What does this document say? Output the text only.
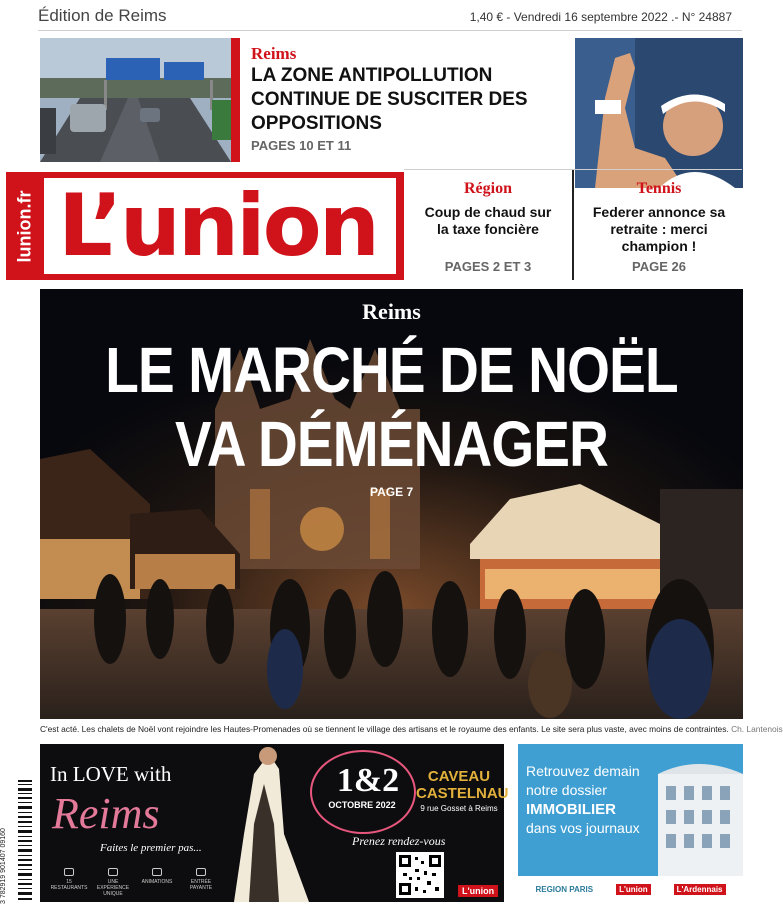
Édition de Reims	1,40 € - Vendredi 16 septembre 2022 .- N° 24887
Reims
LA ZONE ANTIPOLLUTION CONTINUE DE SUSCITER DES OPPOSITIONS
PAGES 10 ET 11
Région
Coup de chaud sur la taxe foncière
PAGES 2 ET 3
Tennis
Federer annonce sa retraite : merci champion !
PAGE 26
lunion.fr L’union
Reims
LE MARCHÉ DE NOËL
VA DÉMÉNAGER
PAGE 7
C'est acté. Les chalets de Noël vont rejoindre les Hautes-Promenades où se tiennent le village des artisans et le royaume des enfants. Le site sera plus vaste, avec moins de contraintes. Ch. Lantenois
3 782919 901407 09160
In LOVE with
Reims
Faites le premier pas...
15 RESTAURANTS
UNE EXPÉRIENCE UNIQUE
ANIMATIONS	ENTRÉE PAYANTE
1&2
OCTOBRE 2022
CAVEAU CASTELNAU
9 rue Gosset à Reims
Prenez rendez-vous
L'union
Retrouvez demain
notre dossier
IMMOBILIER
dans vos journaux
REGION PARIS	L'union	L'Ardennais
